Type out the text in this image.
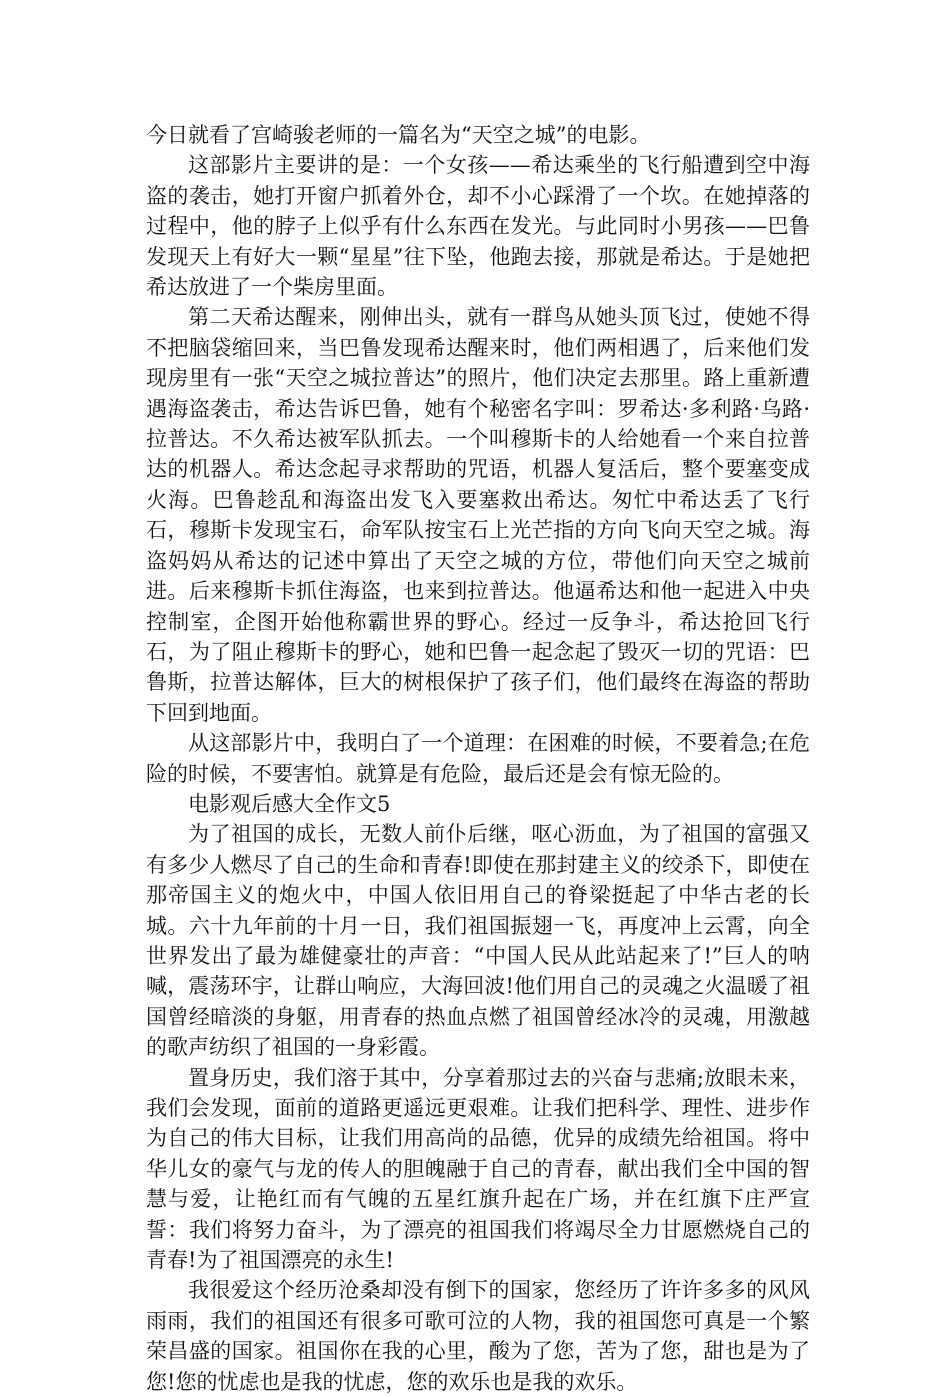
今日就看了宫崎骏老师的一篇名为“天空之城”的电影。

这部影片主要讲的是：一个女孩——希达乘坐的飞行船遭到空中海盗的袭击，她打开窗户抓着外仓，却不小心踩滑了一个坎。在她掉落的过程中，他的脖子上似乎有什么东西在发光。与此同时小男孩——巴鲁发现天上有好大一颗“星星”往下坠，他跑去接，那就是希达。于是她把希达放进了一个柴房里面。

第二天希达醒来，刚伸出头，就有一群鸟从她头顶飞过，使她不得不把脑袋缩回来，当巴鲁发现希达醒来时，他们两相遇了，后来他们发现房里有一张“天空之城拉普达”的照片，他们决定去那里。路上重新遭遇海盗袭击，希达告诉巴鲁，她有个秘密名字叫：罗希达·多利路·乌路·拉普达。不久希达被军队抓去。一个叫穆斯卡的人给她看一个来自拉普达的机器人。希达念起寻求帮助的咒语，机器人复活后，整个要塞变成火海。巴鲁趁乱和海盗出发飞入要塞救出希达。匆忙中希达丢了飞行石，穆斯卡发现宝石，命军队按宝石上光芒指的方向飞向天空之城。海盗妈妈从希达的记述中算出了天空之城的方位，带他们向天空之城前进。后来穆斯卡抓住海盗，也来到拉普达。他逼希达和他一起进入中央控制室，企图开始他称霸世界的野心。经过一反争斗，希达抢回飞行石，为了阻止穆斯卡的野心，她和巴鲁一起念起了毁灭一切的咒语：巴鲁斯，拉普达解体，巨大的树根保护了孩子们，他们最终在海盗的帮助下回到地面。

从这部影片中，我明白了一个道理：在困难的时候，不要着急;在危险的时候，不要害怕。就算是有危险，最后还是会有惊无险的。

电影观后感大全作文5

为了祖国的成长，无数人前仆后继，呕心沥血，为了祖国的富强又有多少人燃尽了自己的生命和青春!即使在那封建主义的绞杀下，即使在那帝国主义的炮火中，中国人依旧用自己的脊梁挺起了中华古老的长城。六十九年前的十月一日，我们祖国振翅一飞，再度冲上云霄，向全世界发出了最为雄健豪壮的声音：“中国人民从此站起来了!”巨人的呐喊，震荡环宇，让群山响应，大海回波!他们用自己的灵魂之火温暖了祖国曾经暗淡的身躯，用青春的热血点燃了祖国曾经冰冷的灵魂，用激越的歌声纺织了祖国的一身彩霞。

置身历史，我们溶于其中，分享着那过去的兴奋与悲痛;放眼未来，我们会发现，面前的道路更遥远更艰难。让我们把科学、理性、进步作为自己的伟大目标，让我们用高尚的品德，优异的成绩先给祖国。将中华儿女的豪气与龙的传人的胆魄融于自己的青春，献出我们全中国的智慧与爱，让艳红而有气魄的五星红旗升起在广场，并在红旗下庄严宣誓：我们将努力奋斗，为了漂亮的祖国我们将竭尽全力甘愿燃烧自己的青春!为了祖国漂亮的永生!

我很爱这个经历沧桑却没有倒下的国家，您经历了许许多多的风风雨雨，我们的祖国还有很多可歌可泣的人物，我的祖国您可真是一个繁荣昌盛的国家。祖国你在我的心里，酸为了您，苦为了您，甜也是为了您!您的忧虑也是我的忧虑，您的欢乐也是我的欢乐。
